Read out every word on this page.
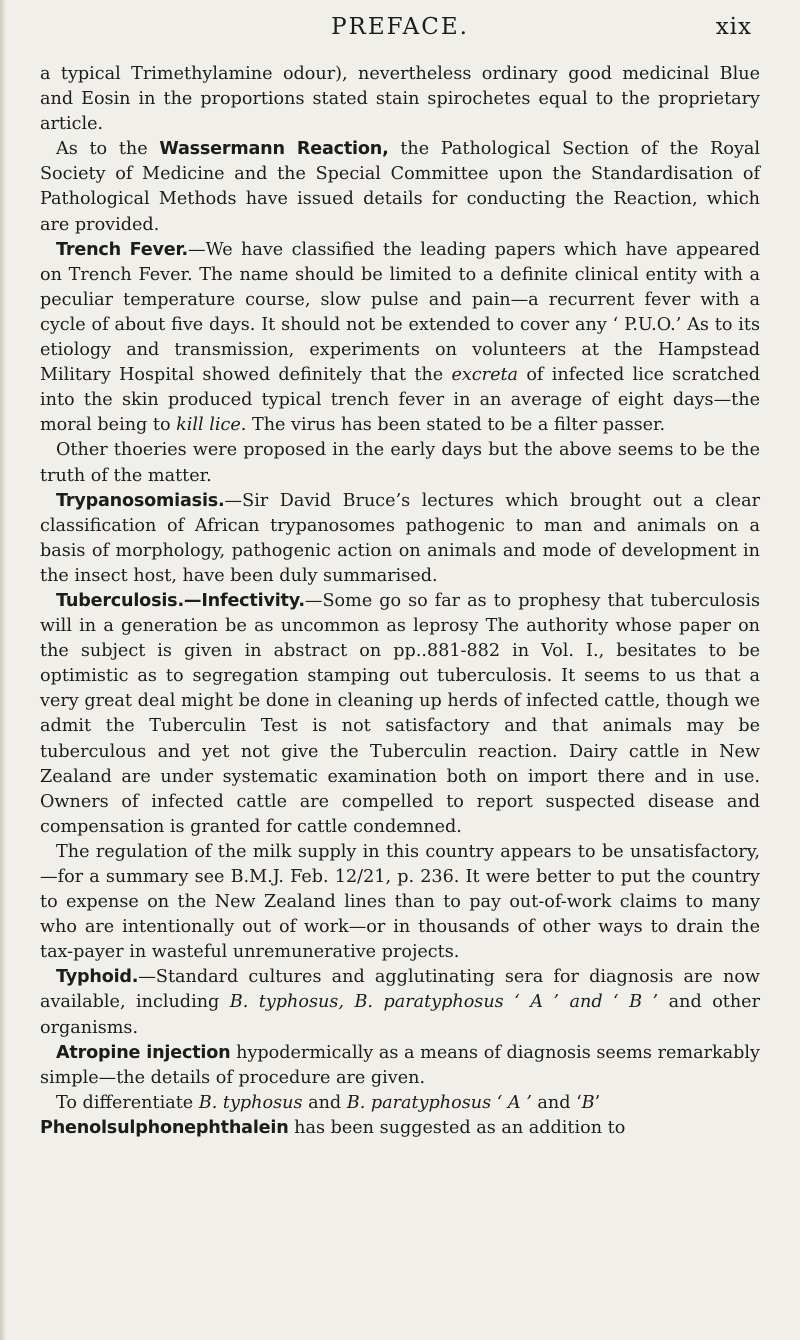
PREFACE.	xix

a typical Trimethylamine odour), nevertheless ordinary good medicinal Blue and Eosin in the proportions stated stain spirochetes equal to the proprietary article.

As to the Wassermann Reaction, the Pathological Section of the Royal Society of Medicine and the Special Committee upon the Standardisation of Pathological Methods have issued details for conducting the Reaction, which are provided.

Trench Fever.—We have classified the leading papers which have appeared on Trench Fever. The name should be limited to a definite clinical entity with a peculiar temperature course, slow pulse and pain—a recurrent fever with a cycle of about five days. It should not be extended to cover any ‘ P.U.O.’ As to its etiology and transmission, experiments on volunteers at the Hampstead Military Hospital showed definitely that the excreta of infected lice scratched into the skin produced typical trench fever in an average of eight days—the moral being to kill lice. The virus has been stated to be a filter passer.

Other thoeries were proposed in the early days but the above seems to be the truth of the matter.

Trypanosomiasis.—Sir David Bruce’s lectures which brought out a clear classification of African trypanosomes pathogenic to man and animals on a basis of morphology, pathogenic action on animals and mode of development in the insect host, have been duly summarised.

Tuberculosis.—Infectivity.—Some go so far as to prophesy that tuberculosis will in a generation be as uncommon as leprosy The authority whose paper on the subject is given in abstract on pp..881-882 in Vol. I., besitates to be optimistic as to segregation stamping out tuberculosis. It seems to us that a very great deal might be done in cleaning up herds of infected cattle, though we admit the Tuberculin Test is not satisfactory and that animals may be tuberculous and yet not give the Tuberculin reaction. Dairy cattle in New Zealand are under systematic examination both on import there and in use. Owners of infected cattle are compelled to report suspected disease and compensation is granted for cattle condemned.

The regulation of the milk supply in this country appears to be unsatisfactory,—for a summary see B.M.J. Feb. 12/21, p. 236. It were better to put the country to expense on the New Zealand lines than to pay out-of-work claims to many who are intentionally out of work—or in thousands of other ways to drain the tax-payer in wasteful unremunerative projects.

Typhoid.—Standard cultures and agglutinating sera for diagnosis are now available, including B. typhosus, B. paratyphosus ‘ A ’ and ‘ B ’ and other organisms.

Atropine injection hypodermically as a means of diagnosis seems remarkably simple—the details of procedure are given.

To differentiate B. typhosus and B. paratyphosus ‘ A ’ and ‘B’

Phenolsulphonephthalein has been suggested as an addition to
